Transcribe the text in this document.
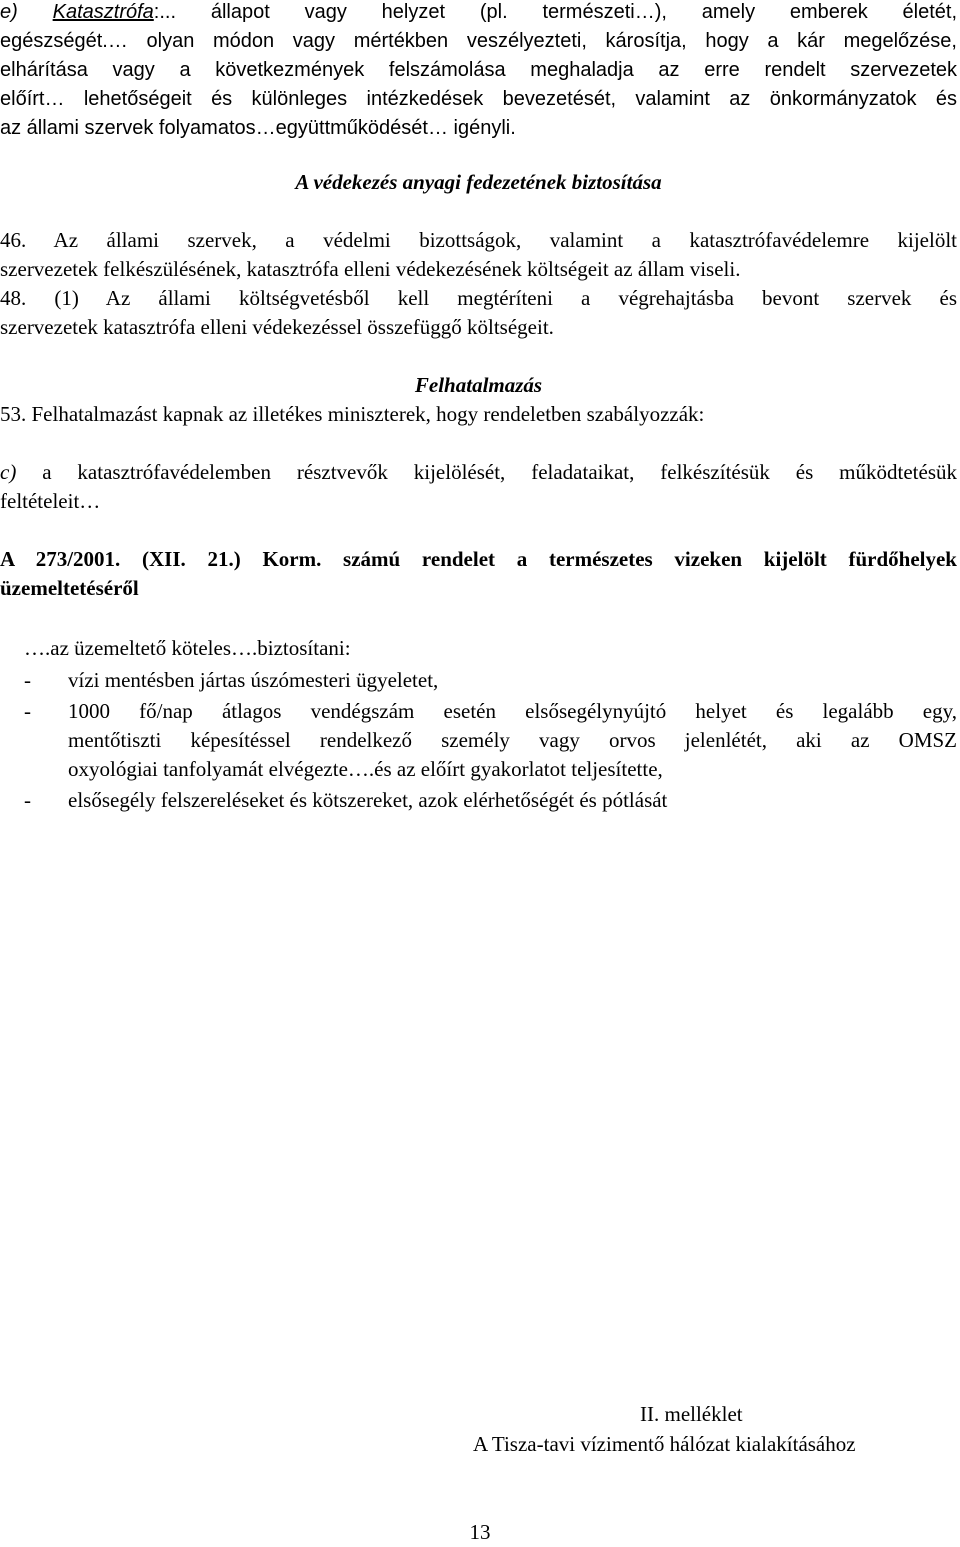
e) Katasztrófa:... állapot vagy helyzet (pl. természeti…), amely emberek életét,
egészségét.… olyan módon vagy mértékben veszélyezteti, károsítja, hogy a kár megelőzése,
elhárítása vagy a következmények felszámolása meghaladja az erre rendelt szervezetek
előírt… lehetőségeit és különleges intézkedések bevezetését, valamint az önkormányzatok és
az állami szervek folyamatos…együttműködését… igényli.
A védekezés anyagi fedezetének biztosítása
46. Az állami szervek, a védelmi bizottságok, valamint a katasztrófavédelemre kijelölt
szervezetek felkészülésének, katasztrófa elleni védekezésének költségeit az állam viseli.
48. (1) Az állami költségvetésből kell megtéríteni a végrehajtásba bevont szervek és
szervezetek katasztrófa elleni védekezéssel összefüggő költségeit.
Felhatalmazás
53. Felhatalmazást kapnak az illetékes miniszterek, hogy rendeletben szabályozzák:
c) a katasztrófavédelemben résztvevők kijelölését, feladataikat, felkészítésük és működtetésük
feltételeit…
A 273/2001. (XII. 21.) Korm. számú rendelet a természetes vizeken kijelölt fürdőhelyek
üzemeltetéséről
….az üzemeltető köteles….biztosítani:
- vízi mentésben jártas úszómesteri ügyeletet,
- 1000 fő/nap átlagos vendégszám esetén elsősegélynyújtó helyet és legalább egy,
mentőtiszti képesítéssel rendelkező személy vagy orvos jelenlétét, aki az OMSZ
oxyológiai tanfolyamát elvégezte….és az előírt gyakorlatot teljesítette,
- elsősegély felszereléseket és kötszereket, azok elérhetőségét és pótlását
II. melléklet
A Tisza-tavi vízimentő hálózat kialakításához
13
